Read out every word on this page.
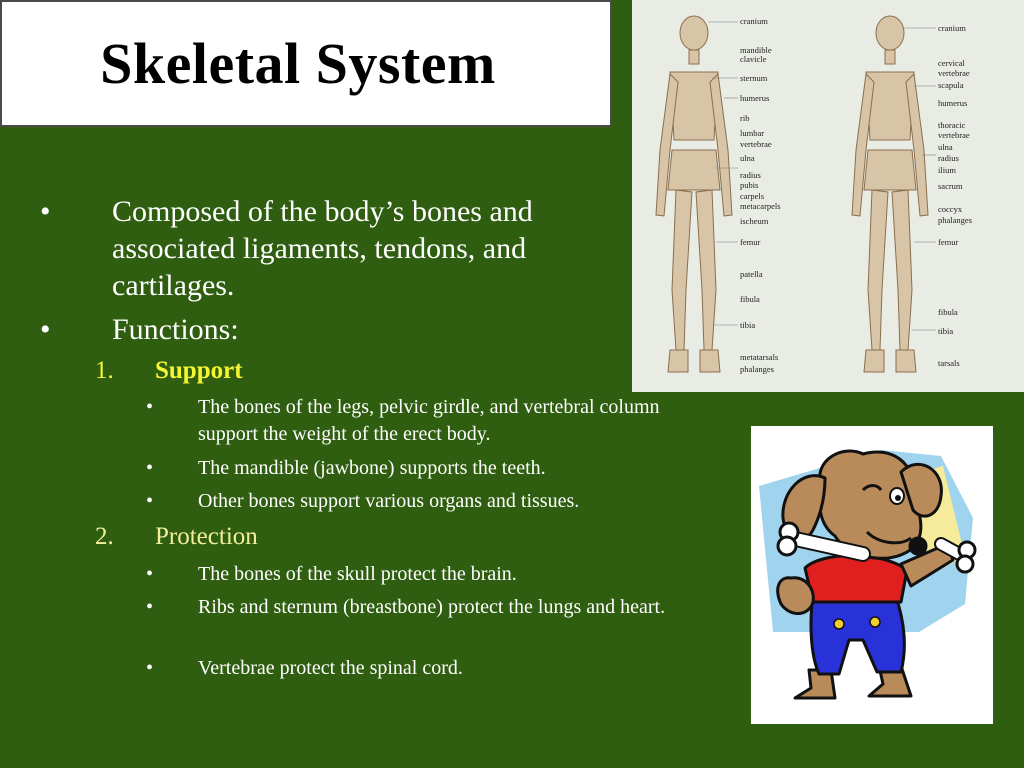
Skeletal System
• Composed of the body’s bones and associated ligaments, tendons, and cartilages.
• Functions:
1. Support
• The bones of the legs, pelvic girdle, and vertebral column support the weight of the erect body.
• The mandible (jawbone) supports the teeth.
• Other bones support various organs and tissues.
2. Protection
• The bones of the skull protect the brain.
• Ribs and sternum (breastbone) protect the lungs and heart.
• Vertebrae protect the spinal cord.
cranium
mandible
clavicle
sternum
humerus
rib
lumbar
vertebrae
ulna
radius
pubis
carpels
metacarpels
ischeum
femur
patella
fibula
tibia
metatarsals
phalanges
cranium
cervical
vertebrae
scapula
humerus
thoracic
vertebrae
ulna
radius
ilium
sacrum
coccyx
phalanges
femur
fibula
tibia
tarsals
